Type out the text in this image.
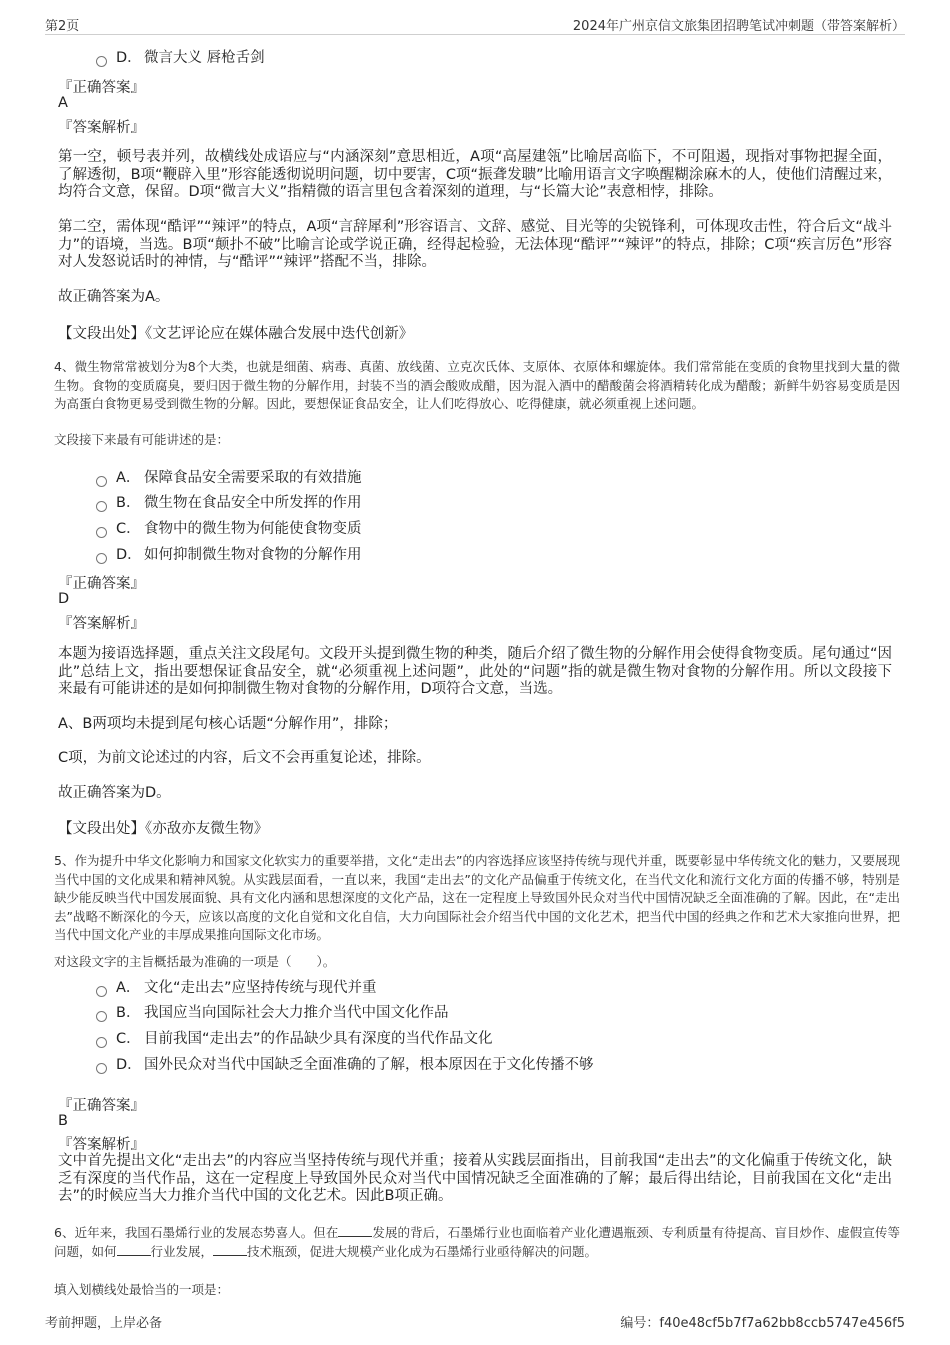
第2页	2024年广州京信文旅集团招聘笔试冲刺题（带答案解析）
D． 微言大义 唇枪舌剑
『正确答案』
A
『答案解析』
第一空，顿号表并列，故横线处成语应与“内涵深刻”意思相近，A项“高屋建瓴”比喻居高临下，不可阻遏，现指对事物把握全面，了解透彻，B项“鞭辟入里”形容能透彻说明问题，切中要害，C项“振聋发聩”比喻用语言文字唤醒糊涂麻木的人，使他们清醒过来，均符合文意，保留。D项“微言大义”指精微的语言里包含着深刻的道理，与“长篇大论”表意相悖，排除。
第二空，需体现“酷评”“辣评”的特点，A项“言辞犀利”形容语言、文辞、感觉、目光等的尖锐锋利，可体现攻击性，符合后文“战斗力”的语境，当选。B项“颠扑不破”比喻言论或学说正确，经得起检验，无法体现“酷评”“辣评”的特点，排除；C项“疾言厉色”形容对人发怒说话时的神情，与“酷评”“辣评”搭配不当，排除。
故正确答案为A。
【文段出处】《文艺评论应在媒体融合发展中迭代创新》
4、微生物常常被划分为8个大类，也就是细菌、病毒、真菌、放线菌、立克次氏体、支原体、衣原体和螺旋体。我们常常能在变质的食物里找到大量的微生物。食物的变质腐臭，要归因于微生物的分解作用，封装不当的酒会酸败成醋，因为混入酒中的醋酸菌会将酒精转化成为醋酸；新鲜牛奶容易变质是因为高蛋白食物更易受到微生物的分解。因此，要想保证食品安全，让人们吃得放心、吃得健康，就必须重视上述问题。
文段接下来最有可能讲述的是：
A． 保障食品安全需要采取的有效措施
B． 微生物在食品安全中所发挥的作用
C． 食物中的微生物为何能使食物变质
D． 如何抑制微生物对食物的分解作用
『正确答案』
D
『答案解析』
本题为接语选择题，重点关注文段尾句。文段开头提到微生物的种类，随后介绍了微生物的分解作用会使得食物变质。尾句通过“因此”总结上文，指出要想保证食品安全，就“必须重视上述问题”，此处的“问题”指的就是微生物对食物的分解作用。所以文段接下来最有可能讲述的是如何抑制微生物对食物的分解作用，D项符合文意，当选。
A、B两项均未提到尾句核心话题“分解作用”，排除；
C项，为前文论述过的内容，后文不会再重复论述，排除。
故正确答案为D。
【文段出处】《亦敌亦友微生物》
5、作为提升中华文化影响力和国家文化软实力的重要举措，文化“走出去”的内容选择应该坚持传统与现代并重，既要彰显中华传统文化的魅力，又要展现当代中国的文化成果和精神风貌。从实践层面看，一直以来，我国“走出去”的文化产品偏重于传统文化，在当代文化和流行文化方面的传播不够，特别是缺少能反映当代中国发展面貌、具有文化内涵和思想深度的文化产品，这在一定程度上导致国外民众对当代中国情况缺乏全面准确的了解。因此，在“走出去”战略不断深化的今天，应该以高度的文化自觉和文化自信，大力向国际社会介绍当代中国的文化艺术，把当代中国的经典之作和艺术大家推向世界，把当代中国文化产业的丰厚成果推向国际文化市场。
对这段文字的主旨概括最为准确的一项是（　　）。
A． 文化“走出去”应坚持传统与现代并重
B． 我国应当向国际社会大力推介当代中国文化作品
C． 目前我国“走出去”的作品缺少具有深度的当代作品文化
D． 国外民众对当代中国缺乏全面准确的了解，根本原因在于文化传播不够
『正确答案』
B
『答案解析』
文中首先提出文化“走出去”的内容应当坚持传统与现代并重；接着从实践层面指出，目前我国“走出去”的文化偏重于传统文化，缺乏有深度的当代作品，这在一定程度上导致国外民众对当代中国情况缺乏全面准确的了解；最后得出结论，目前我国在文化“走出去”的时候应当大力推介当代中国的文化艺术。因此B项正确。
6、近年来，我国石墨烯行业的发展态势喜人。但在	发展的背后，石墨烯行业也面临着产业化遭遇瓶颈、专利质量有待提高、盲目炒作、虚假宣传等问题，如何	行业发展，	技术瓶颈，促进大规模产业化成为石墨烯行业亟待解决的问题。
填入划横线处最恰当的一项是：
考前押题，上岸必备	编号：f40e48cf5b7f7a62bb8ccb5747e456f5
